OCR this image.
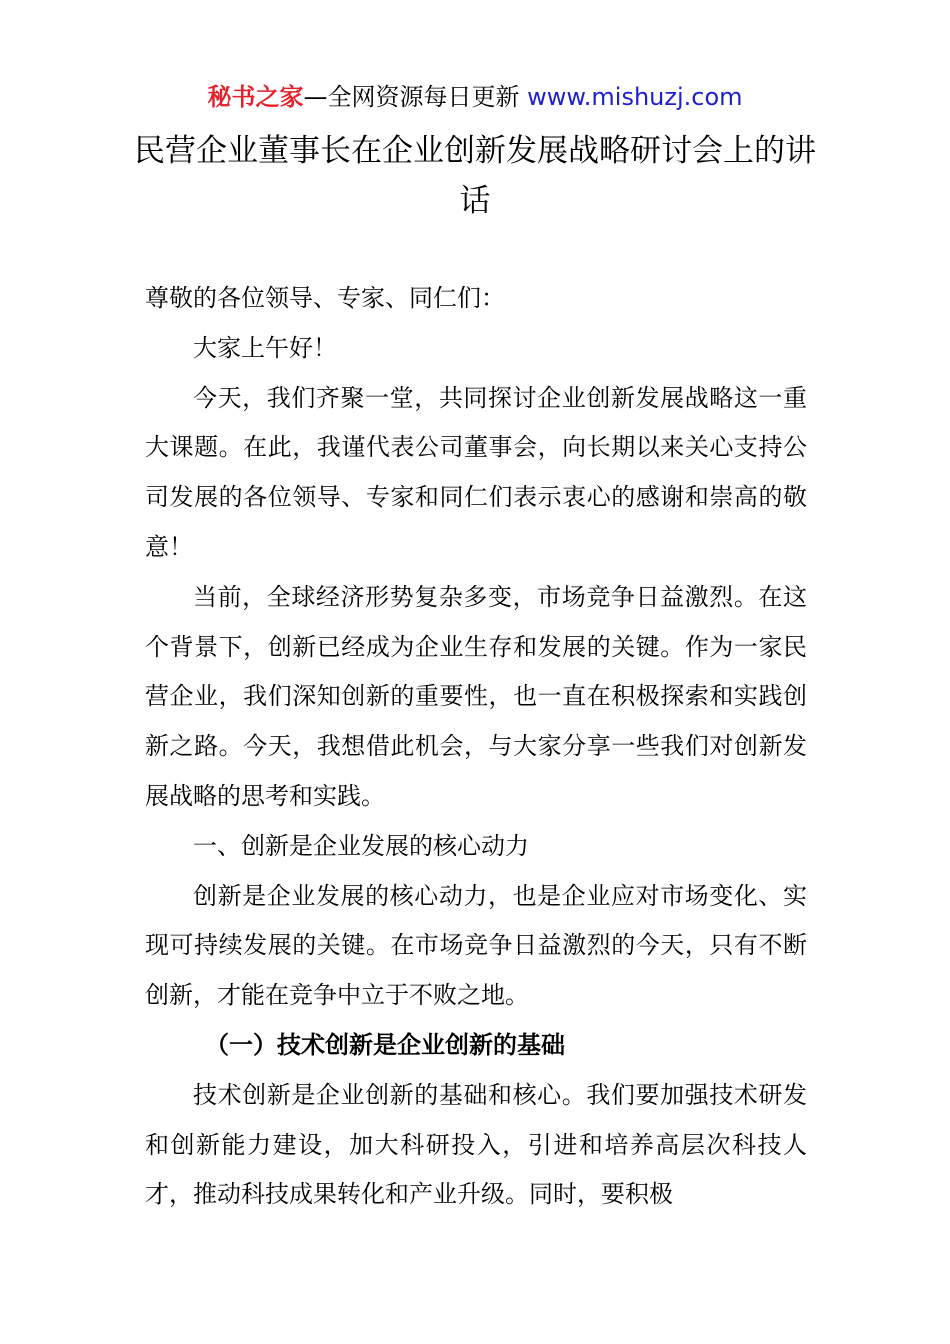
秘书之家—全网资源每日更新 www.mishuzj.com
民营企业董事长在企业创新发展战略研讨会上的讲话

尊敬的各位领导、专家、同仁们：

大家上午好！

今天，我们齐聚一堂，共同探讨企业创新发展战略这一重大课题。在此，我谨代表公司董事会，向长期以来关心支持公司发展的各位领导、专家和同仁们表示衷心的感谢和崇高的敬意！

当前，全球经济形势复杂多变，市场竞争日益激烈。在这个背景下，创新已经成为企业生存和发展的关键。作为一家民营企业，我们深知创新的重要性，也一直在积极探索和实践创新之路。今天，我想借此机会，与大家分享一些我们对创新发展战略的思考和实践。

一、创新是企业发展的核心动力

创新是企业发展的核心动力，也是企业应对市场变化、实现可持续发展的关键。在市场竞争日益激烈的今天，只有不断创新，才能在竞争中立于不败之地。

（一）技术创新是企业创新的基础

技术创新是企业创新的基础和核心。我们要加强技术研发和创新能力建设，加大科研投入，引进和培养高层次科技人才，推动科技成果转化和产业升级。同时，要积极
